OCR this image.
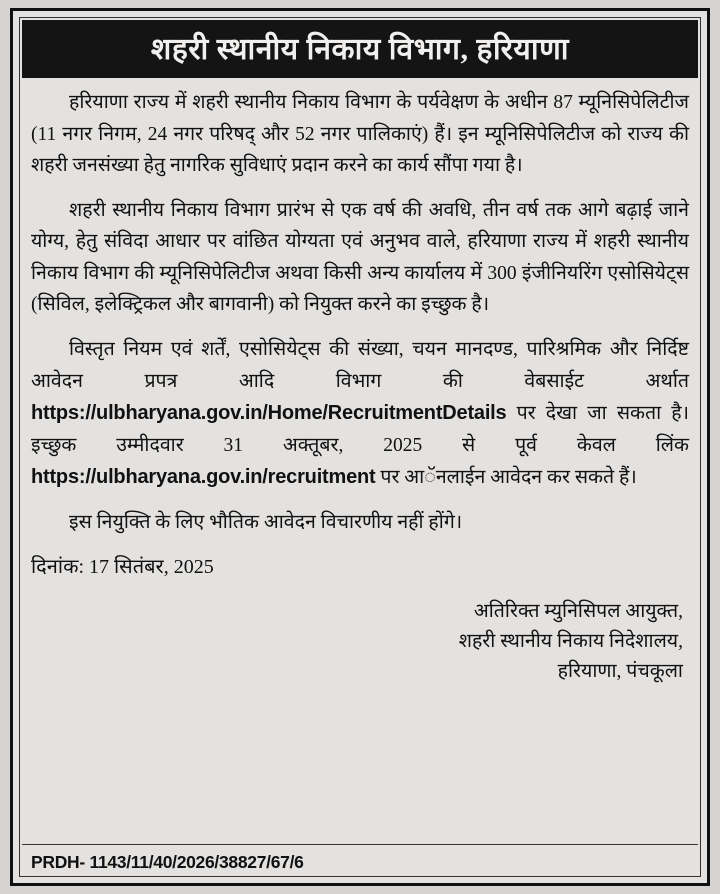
शहरी स्थानीय निकाय विभाग, हरियाणा

हरियाणा राज्य में शहरी स्थानीय निकाय विभाग के पर्यवेक्षण के अधीन 87 म्यूनिसिपेलिटीज (11 नगर निगम, 24 नगर परिषद् और 52 नगर पालिकाएं) हैं। इन म्यूनिसिपेलिटीज को राज्य की शहरी जनसंख्या हेतु नागरिक सुविधाएं प्रदान करने का कार्य सौंपा गया है।

शहरी स्थानीय निकाय विभाग प्रारंभ से एक वर्ष की अवधि, तीन वर्ष तक आगे बढ़ाई जाने योग्य, हेतु संविदा आधार पर वांछित योग्यता एवं अनुभव वाले, हरियाणा राज्य में शहरी स्थानीय निकाय विभाग की म्यूनिसिपेलिटीज अथवा किसी अन्य कार्यालय में 300 इंजीनियरिंग एसोसियेट्स (सिविल, इलेक्ट्रिकल और बागवानी) को नियुक्त करने का इच्छुक है।

विस्तृत नियम एवं शर्तें, एसोसियेट्स की संख्या, चयन मानदण्ड, पारिश्रमिक और निर्दिष्ट आवेदन प्रपत्र आदि विभाग की वेबसाईट अर्थात https://ulbharyana.gov.in/Home/RecruitmentDetails पर देखा जा सकता है। इच्छुक उम्मीदवार 31 अक्तूबर, 2025 से पूर्व केवल लिंक https://ulbharyana.gov.in/recruitment पर आॅनलाईन आवेदन कर सकते हैं।

इस नियुक्ति के लिए भौतिक आवेदन विचारणीय नहीं होंगे।

दिनांक: 17 सितंबर, 2025

अतिरिक्त म्युनिसिपल आयुक्त,
शहरी स्थानीय निकाय निदेशालय,
हरियाणा, पंचकूला
PRDH- 1143/11/40/2026/38827/67/6
